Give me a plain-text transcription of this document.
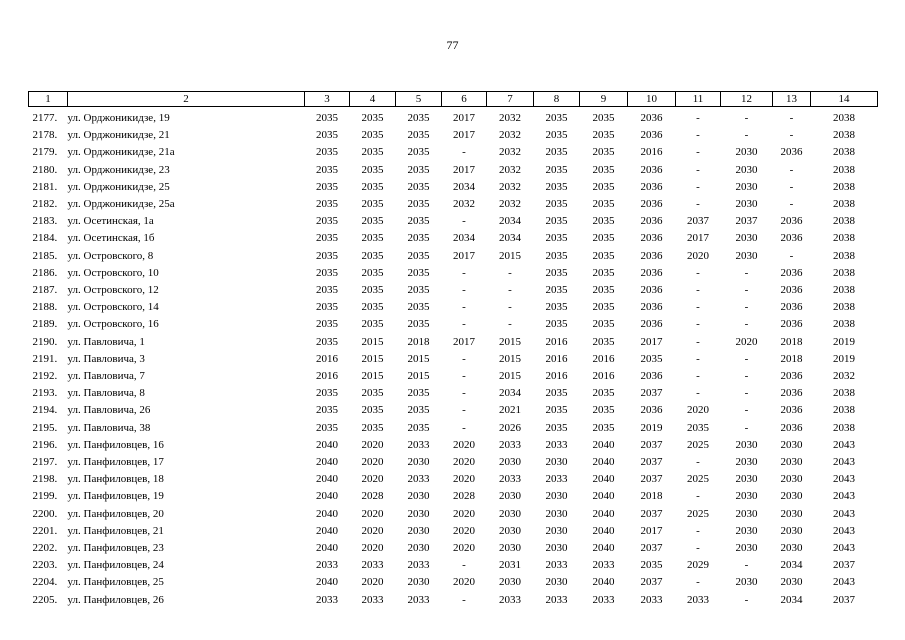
77
1	2	3	4	5	6	7	8	9	10	11	12	13	14
2177.	ул. Орджоникидзе, 19	2035	2035	2035	2017	2032	2035	2035	2036	-	-	-	2038
2178.	ул. Орджоникидзе, 21	2035	2035	2035	2017	2032	2035	2035	2036	-	-	-	2038
2179.	ул. Орджоникидзе, 21а	2035	2035	2035	-	2032	2035	2035	2016	-	2030	2036	2038
2180.	ул. Орджоникидзе, 23	2035	2035	2035	2017	2032	2035	2035	2036	-	2030	-	2038
2181.	ул. Орджоникидзе, 25	2035	2035	2035	2034	2032	2035	2035	2036	-	2030	-	2038
2182.	ул. Орджоникидзе, 25а	2035	2035	2035	2032	2032	2035	2035	2036	-	2030	-	2038
2183.	ул. Осетинская, 1а	2035	2035	2035	-	2034	2035	2035	2036	2037	2037	2036	2038
2184.	ул. Осетинская, 1б	2035	2035	2035	2034	2034	2035	2035	2036	2017	2030	2036	2038
2185.	ул. Островского, 8	2035	2035	2035	2017	2015	2035	2035	2036	2020	2030	-	2038
2186.	ул. Островского, 10	2035	2035	2035	-	-	2035	2035	2036	-	-	2036	2038
2187.	ул. Островского, 12	2035	2035	2035	-	-	2035	2035	2036	-	-	2036	2038
2188.	ул. Островского, 14	2035	2035	2035	-	-	2035	2035	2036	-	-	2036	2038
2189.	ул. Островского, 16	2035	2035	2035	-	-	2035	2035	2036	-	-	2036	2038
2190.	ул. Павловича, 1	2035	2015	2018	2017	2015	2016	2035	2017	-	2020	2018	2019
2191.	ул. Павловича, 3	2016	2015	2015	-	2015	2016	2016	2035	-	-	2018	2019
2192.	ул. Павловича, 7	2016	2015	2015	-	2015	2016	2016	2036	-	-	2036	2032
2193.	ул. Павловича, 8	2035	2035	2035	-	2034	2035	2035	2037	-	-	2036	2038
2194.	ул. Павловича, 26	2035	2035	2035	-	2021	2035	2035	2036	2020	-	2036	2038
2195.	ул. Павловича, 38	2035	2035	2035	-	2026	2035	2035	2019	2035	-	2036	2038
2196.	ул. Панфиловцев, 16	2040	2020	2033	2020	2033	2033	2040	2037	2025	2030	2030	2043
2197.	ул. Панфиловцев, 17	2040	2020	2030	2020	2030	2030	2040	2037	-	2030	2030	2043
2198.	ул. Панфиловцев, 18	2040	2020	2033	2020	2033	2033	2040	2037	2025	2030	2030	2043
2199.	ул. Панфиловцев, 19	2040	2028	2030	2028	2030	2030	2040	2018	-	2030	2030	2043
2200.	ул. Панфиловцев, 20	2040	2020	2030	2020	2030	2030	2040	2037	2025	2030	2030	2043
2201.	ул. Панфиловцев, 21	2040	2020	2030	2020	2030	2030	2040	2017	-	2030	2030	2043
2202.	ул. Панфиловцев, 23	2040	2020	2030	2020	2030	2030	2040	2037	-	2030	2030	2043
2203.	ул. Панфиловцев, 24	2033	2033	2033	-	2031	2033	2033	2035	2029	-	2034	2037
2204.	ул. Панфиловцев, 25	2040	2020	2030	2020	2030	2030	2040	2037	-	2030	2030	2043
2205.	ул. Панфиловцев, 26	2033	2033	2033	-	2033	2033	2033	2033	2033	-	2034	2037
